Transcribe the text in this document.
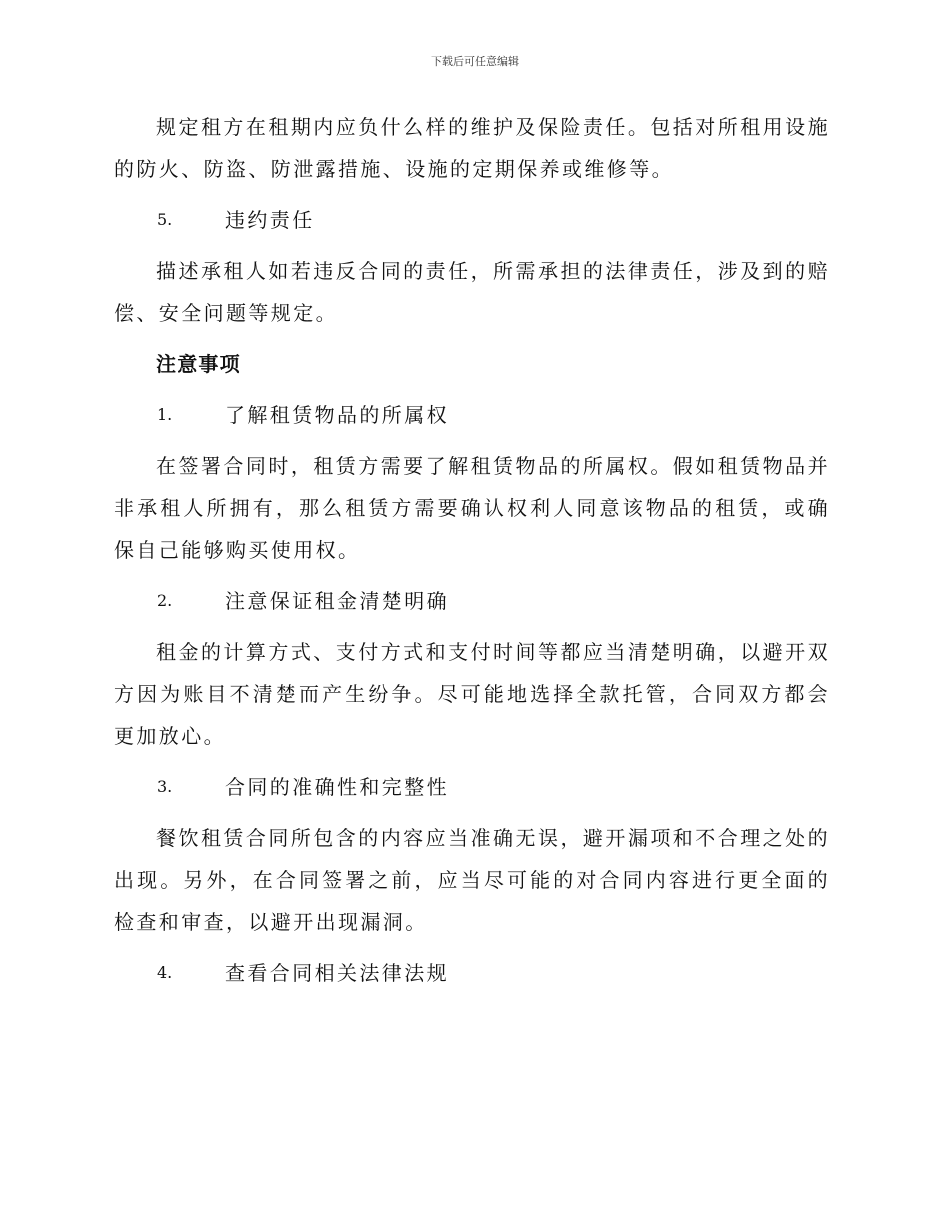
下载后可任意编辑

规定租方在租期内应负什么样的维护及保险责任。包括对所租用设施的防火、防盗、防泄露措施、设施的定期保养或维修等。

5.	违约责任

描述承租人如若违反合同的责任，所需承担的法律责任，涉及到的赔偿、安全问题等规定。

注意事项

1.	了解租赁物品的所属权

在签署合同时，租赁方需要了解租赁物品的所属权。假如租赁物品并非承租人所拥有，那么租赁方需要确认权利人同意该物品的租赁，或确保自己能够购买使用权。

2.	注意保证租金清楚明确

租金的计算方式、支付方式和支付时间等都应当清楚明确，以避开双方因为账目不清楚而产生纷争。尽可能地选择全款托管，合同双方都会更加放心。

3.	合同的准确性和完整性

餐饮租赁合同所包含的内容应当准确无误，避开漏项和不合理之处的出现。另外，在合同签署之前，应当尽可能的对合同内容进行更全面的检查和审查，以避开出现漏洞。

4.	查看合同相关法律法规
